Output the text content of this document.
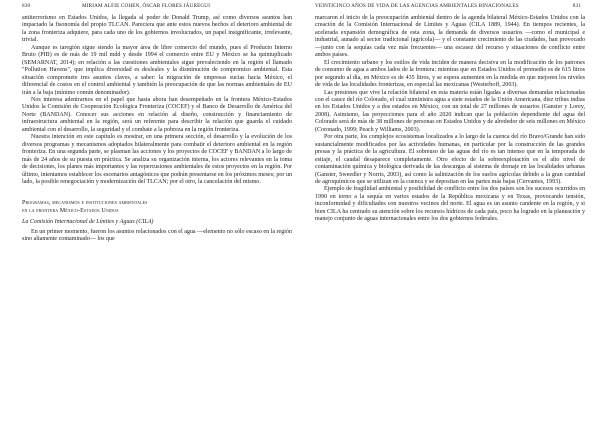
830	MIRIAM ALFIE COHEN, ÓSCAR FLORES JÁUREGUI

antiterrorismo en Estados Unidos, la llegada al poder de Donald Trump, así como diversos asuntos han impactado la fisonomía del propio TLCAN. Pareciera que ante estos nuevos hechos el deterioro ambiental de la zona fronteriza adquiere, para cada uno de los gobiernos involucrados, un papel insignificante, irrelevante, trivial.

Aunque es taregión sigue siendo la mayor área de libre comercio del mundo, pues el Producto Interno Bruto (PIB) es de más de 19 mil mdd y desde 1994 el comercio entre EU y México se ha quintuplicado (SEMARNAT, 2014); en relación a las cuestiones ambientales sigue prevaleciendo en la región el llamado "Pollution Havens", que implica diversidad es desleales y la disminución de compromiso ambiental. Esta situación compromete tres asuntos claves, a saber: la migración de empresas sucias hacia México, el diferencial de costos en el control ambiental y también la preocupación de que las normas ambientales de EU irán a la baja (mínimo común denominador).

Nos interesa adentrarnos en el papel que hasta ahora han desempeñado en la frontera México-Estados Unidos la Comisión de Cooperación Ecológica Fronteriza (COCEF) y el Banco de Desarrollo de América del Norte (BANDAN). Conocer sus acciones en relación al diseño, construcción y financiamiento de infraestructura ambiental en la región, será un referente para describir la relación que guarda el cuidado ambiental con el desarrollo, la seguridad y el combate a la pobreza en la región fronteriza.

Nuestra intención en este capítulo es mostrar, en una primera sección, el desarrollo y la evolución de los diversos programas y mecanismos adoptados bilateralmente para combatir el deterioro ambiental en la región fronteriza. En una segunda parte, se plasman las acciones y los proyectos de COCEF y BANDAN a lo largo de más de 24 años de su puesta en práctica. Se analiza su organización interna, los actores relevantes en la toma de decisiones, los planes más importantes y las repercusiones ambientales de estos proyectos en la región. Por último, intentamos establecer los escenarios antagónicos que podrán presentarse en los próximos meses; por un lado, la posible renegociación y modernización del TLCAN; por el otro, la cancelación del mismo.

Programas, mecanismos e instituciones ambientales
en la frontera México-Estados Unidos
La Comisión Internacional de Límites y Aguas (CILA)

En un primer momento, fueron los asuntos relacionados con el agua —elemento no sólo escaso en la región sino altamente contaminado— los que

VEINTICINCO AÑOS DE VIDA DE LAS AGENCIAS AMBIENTALES BINACIONALES	831

marcaron el inicio de la preocupación ambiental dentro de la agenda bilateral México-Estados Unidos con la creación de la Comisión Internacional de Límites y Aguas (CILA 1889, 1944). En tiempos recientes, la acelerada expansión demográfica de esta zona, la demanda de diversos usuarios —como el municipal e industrial, aunado al sector tradicional (agrícola)— y el constante crecimiento de las ciudades, han provocado —junto con la sequías cada vez más frecuentes— una escasez del recurso y situaciones de conflicto entre ambos países.

El crecimiento urbano y los estilos de vida inciden de manera decisiva en la modificación de los patrones de consumo de agua a ambos lados de la frontera: mientras que en Estados Unidos el promedio es de 615 litros por segundo al día, en México es de 435 litros, y se espera aumenten en la medida en que mejoren los niveles de vida de las localidades fronterizas, en especial las mexicanas (Westerhoff, 2003).

Las presiones que vive la relación bilateral en esta materia están ligadas a diversas demandas relacionadas con el cauce del río Colorado, el cual suministra agua a siete estados de la Unión Americana, diez tribus indias en los Estados Unidos y a dos estados en México, con un total de 27 millones de usuarios (Ganster y Lorey, 2008). Asimismo, las proyecciones para el año 2020 indican que la población dependiente del agua del Colorado será de más de 38 millones de personas en Estados Unidos y de alrededor de seis millones en México (Coronado, 1999; Peach y Williams, 2003).

Por otra parte, los complejos ecosistemas localizados a lo largo de la cuenca del río Bravo/Grande han sido sustancialmente modificados por las actividades humanas, en particular por la construcción de las grandes presas y la práctica de la agricultura. El sobreuso de las aguas del río es tan intenso que en la temporada de estiaje, el caudal desaparece completamente. Otro efecto de la sobreexplotación es el alto nivel de contaminación química y biológica derivada de las descargas al sistema de drenaje en las localidades urbanas (Ganster, Sweedler y Norris, 2003), así como la salinización de los suelos agrícolas debido a la gran cantidad de agroquímicos que se utilizan en la cuenca y se depositan en las partes más bajas (Cervantes, 1993).

Ejemplo de fragilidad ambiental y posibilidad de conflicto entre los dos países son los sucesos ocurridos en 1990 en torno a la sequía en varios estados de la República mexicana y en Texas, provocando tensión, inconformidad y dificultades con nuestros vecinos del norte. El agua es un asunto candente en la región, y si bien CILA ha centrado su atención sobre los recursos hídricos de cada país, poco ha logrado en la planeación y manejo conjunto de aguas internacionales entre los dos gobiernos federales.
